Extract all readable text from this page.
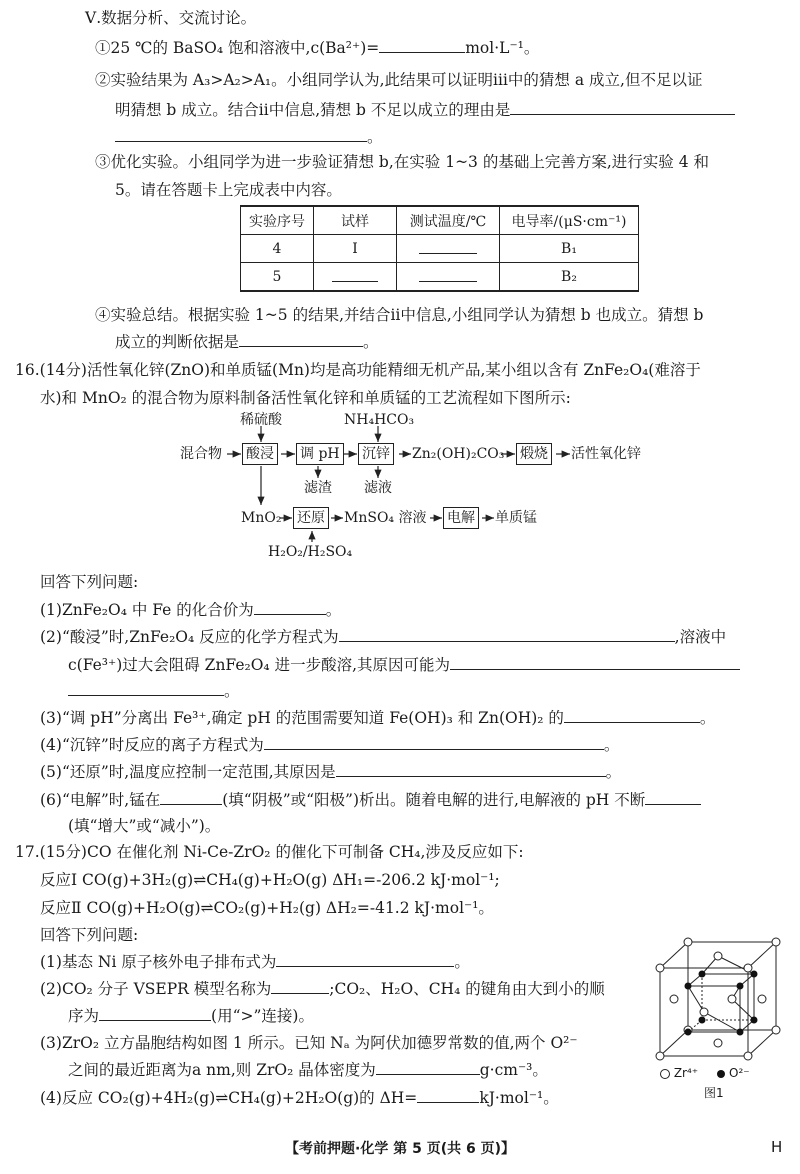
Ⅴ.数据分析、交流讨论。
①25 ℃的 BaSO₄ 饱和溶液中,c(Ba²⁺)=	mol·L⁻¹。
②实验结果为 A₃>A₂>A₁。小组同学认为,此结果可以证明ⅲ中的猜想 a 成立,但不足以证
明猜想 b 成立。结合ⅱ中信息,猜想 b 不足以成立的理由是
。
③优化实验。小组同学为进一步验证猜想 b,在实验 1~3 的基础上完善方案,进行实验 4 和
5。请在答题卡上完成表中内容。
实验序号	试样	测试温度/℃	电导率/(μS·cm⁻¹)
4	Ⅰ		B₁
5			B₂
④实验总结。根据实验 1~5 的结果,并结合ⅱ中信息,小组同学认为猜想 b 也成立。猜想 b
成立的判断依据是	。
16.(14分)活性氧化锌(ZnO)和单质锰(Mn)均是高功能精细无机产品,某小组以含有 ZnFe₂O₄(难溶于
水)和 MnO₂ 的混合物为原料制备活性氧化锌和单质锰的工艺流程如下图所示:
稀硫酸	NH₄HCO₃
混合物 酸浸 调 pH 沉锌 Zn₂(OH)₂CO₃ 煅烧 活性氧化锌
滤渣 滤液
MnO₂ 还原 MnSO₄ 溶液 电解 单质锰
H₂O₂/H₂SO₄
回答下列问题:
(1)ZnFe₂O₄ 中 Fe 的化合价为	。
(2)“酸浸”时,ZnFe₂O₄ 反应的化学方程式为	,溶液中
c(Fe³⁺)过大会阻碍 ZnFe₂O₄ 进一步酸溶,其原因可能为
。
(3)“调 pH”分离出 Fe³⁺,确定 pH 的范围需要知道 Fe(OH)₃ 和 Zn(OH)₂ 的	。
(4)“沉锌”时反应的离子方程式为	。
(5)“还原”时,温度应控制一定范围,其原因是	。
(6)“电解”时,锰在	(填“阴极”或“阳极”)析出。随着电解的进行,电解液的 pH 不断
(填“增大”或“减小”)。
17.(15分)CO 在催化剂 Ni-Ce-ZrO₂ 的催化下可制备 CH₄,涉及反应如下:
反应Ⅰ CO(g)+3H₂(g)⇌CH₄(g)+H₂O(g) ΔH₁=-206.2 kJ·mol⁻¹;
反应Ⅱ CO(g)+H₂O(g)⇌CO₂(g)+H₂(g) ΔH₂=-41.2 kJ·mol⁻¹。
回答下列问题:
(1)基态 Ni 原子核外电子排布式为	。
(2)CO₂ 分子 VSEPR 模型名称为	;CO₂、H₂O、CH₄ 的键角由大到小的顺
序为	(用“>”连接)。
(3)ZrO₂ 立方晶胞结构如图 1 所示。已知 Nₐ 为阿伏加德罗常数的值,两个 O²⁻
之间的最近距离为a nm,则 ZrO₂ 晶体密度为	g·cm⁻³。
(4)反应 CO₂(g)+4H₂(g)⇌CH₄(g)+2H₂O(g)的 ΔH=	kJ·mol⁻¹。
Zr⁴⁺	O²⁻
图1
【考前押题·化学 第 5 页(共 6 页)】	H
